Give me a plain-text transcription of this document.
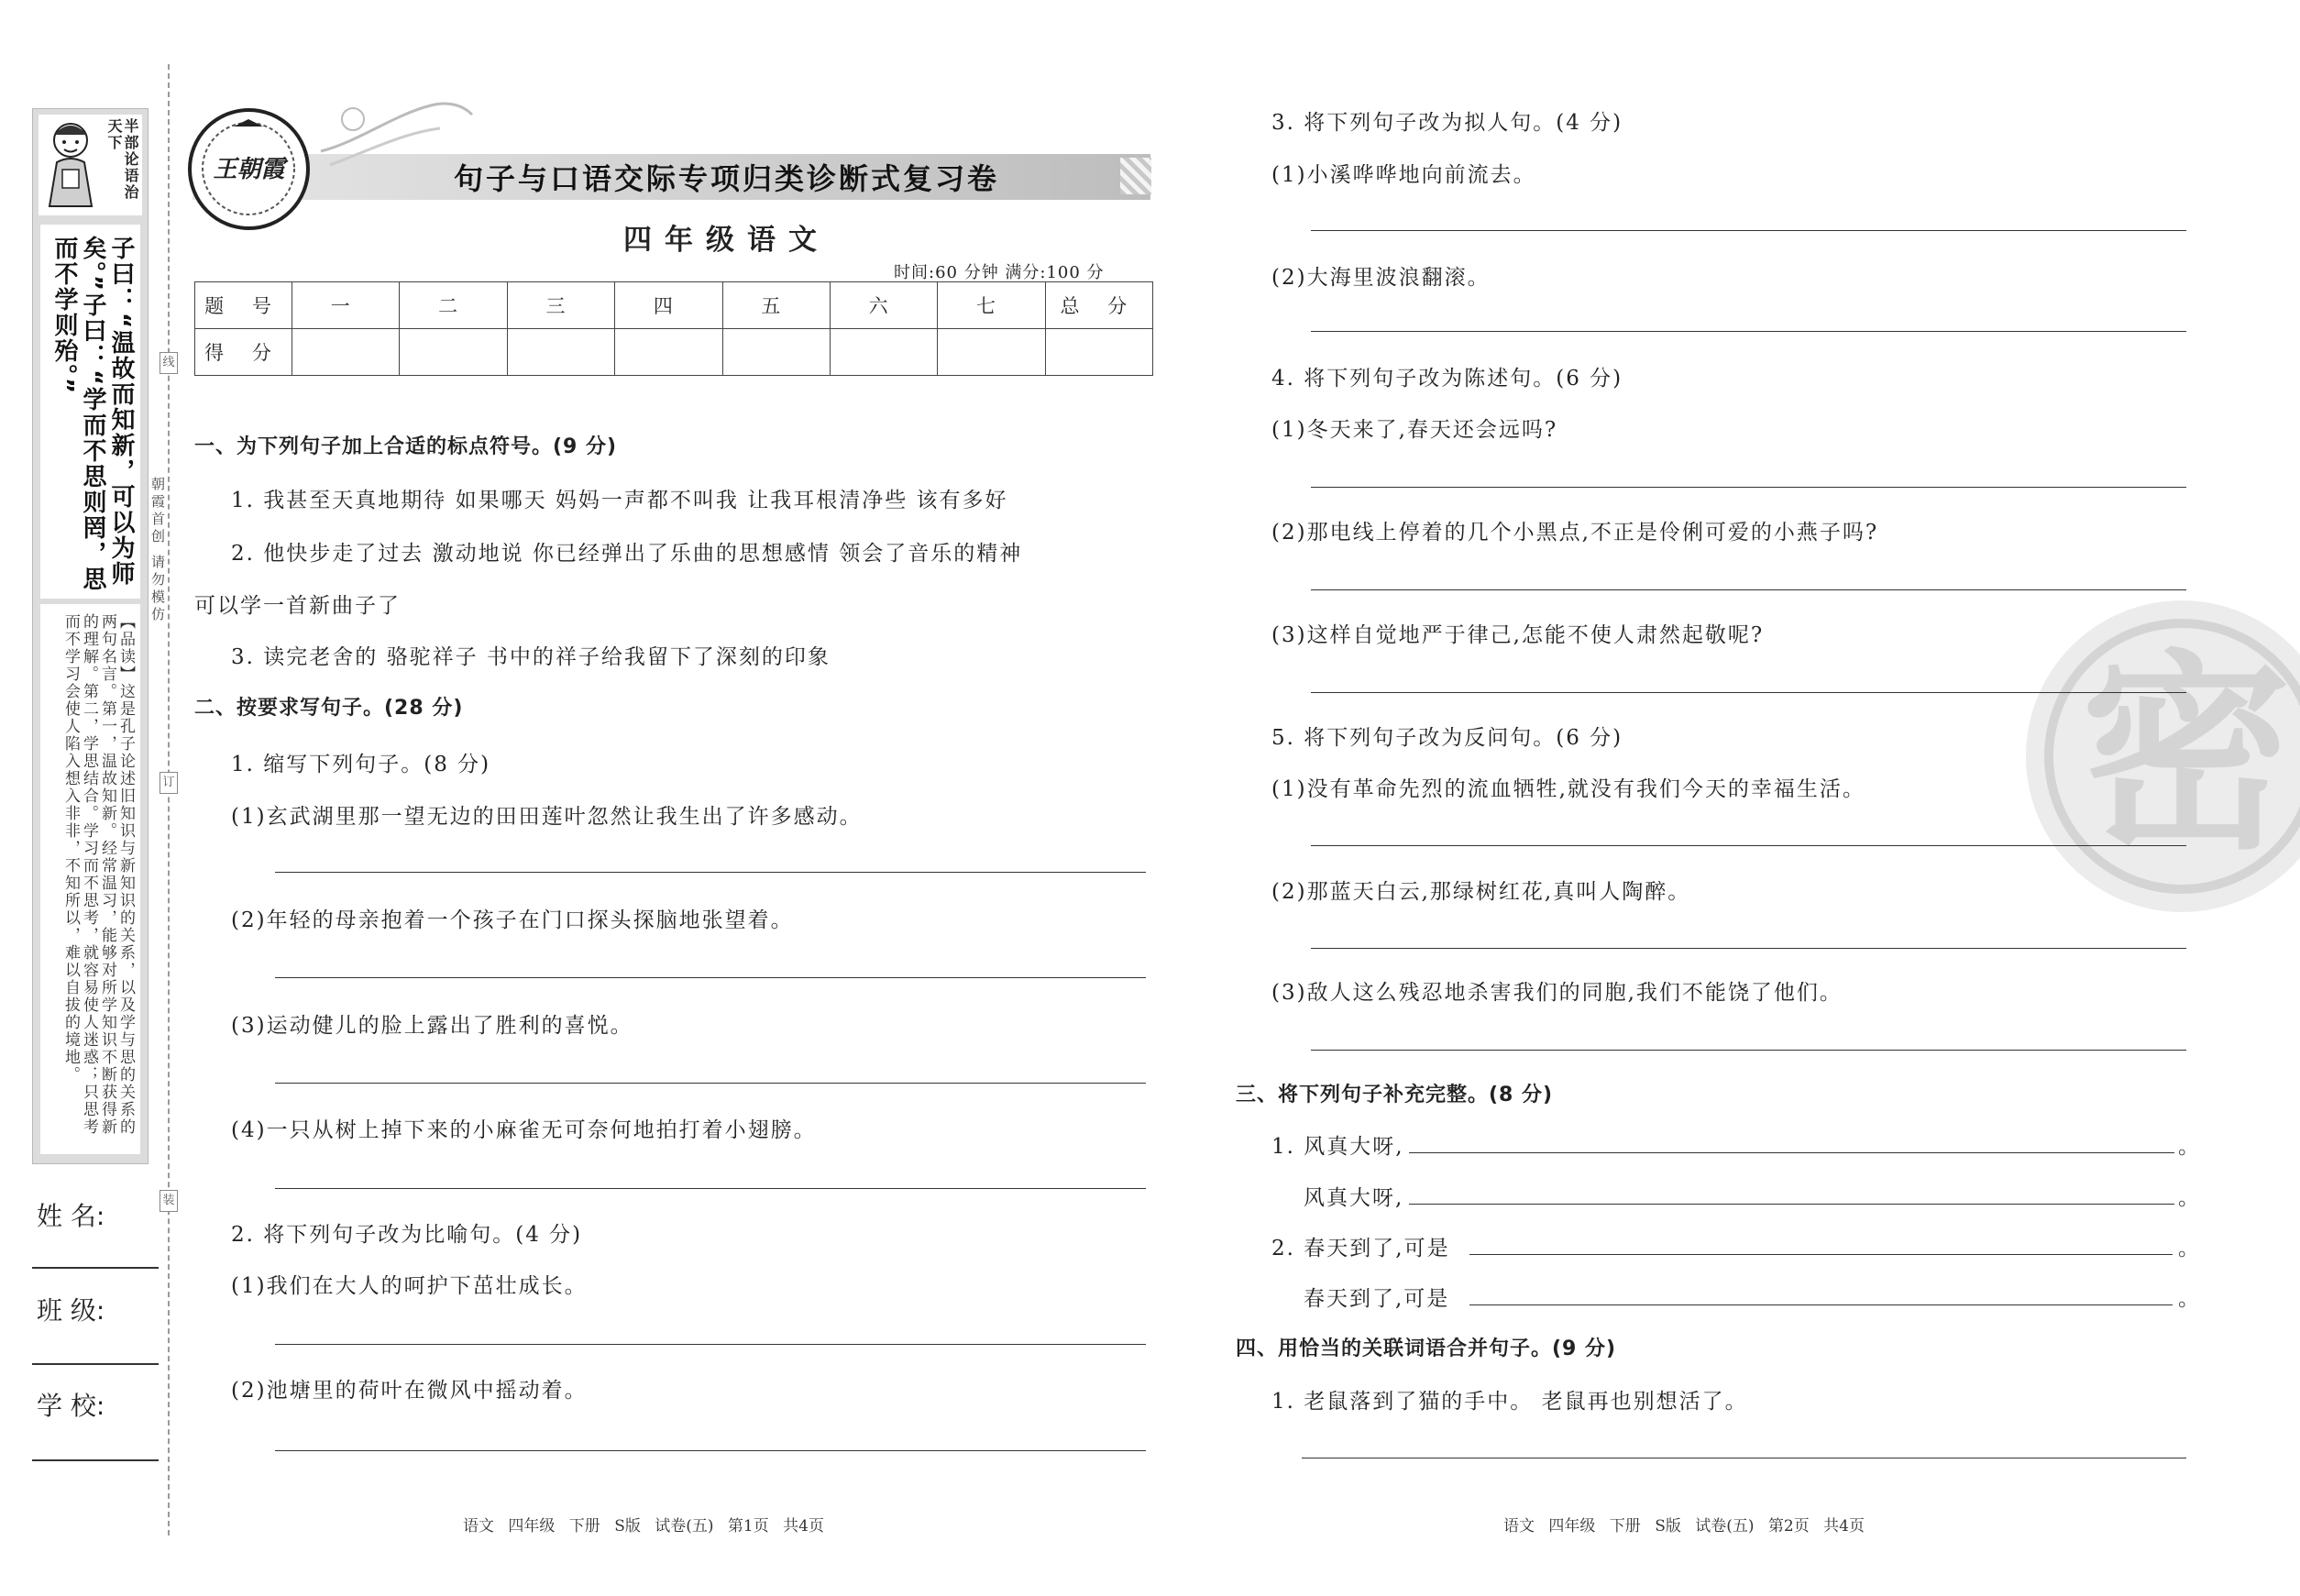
半部论语治天下
子曰：“温故而知新，可以为师矣。”子曰：“学而不思则罔，思而不学则殆。”
【品读】这是孔子论述旧知识与新知识的关系，以及学与思的关系的两句名言。第一，温故知新。经常温习，能够对所学知识不断获得新的理解。第二，学思结合。学习而不思考，就容易使人迷惑；只思考而不学习会使人陷入想入非非，不知所以，难以自拔的境地。
线
订
装
朝霞首创 请勿模仿
姓 名:
班 级:
学 校:
王朝霞	句子与口语交际专项归类诊断式复习卷
四年级语文
时间:60 分钟 满分:100 分
题 号	一	二	三	四	五	六	七	总 分
得 分								
一、为下列句子加上合适的标点符号。(9 分)
1. 我甚至天真地期待 如果哪天 妈妈一声都不叫我 让我耳根清净些 该有多好
2. 他快步走了过去 激动地说 你已经弹出了乐曲的思想感情 领会了音乐的精神
可以学一首新曲子了
3. 读完老舍的 骆驼祥子 书中的祥子给我留下了深刻的印象
二、按要求写句子。(28 分)
1. 缩写下列句子。(8 分)
(1)玄武湖里那一望无边的田田莲叶忽然让我生出了许多感动。
(2)年轻的母亲抱着一个孩子在门口探头探脑地张望着。
(3)运动健儿的脸上露出了胜利的喜悦。
(4)一只从树上掉下来的小麻雀无可奈何地拍打着小翅膀。
2. 将下列句子改为比喻句。(4 分)
(1)我们在大人的呵护下茁壮成长。
(2)池塘里的荷叶在微风中摇动着。
语文 四年级 下册 S版 试卷(五) 第1页 共4页
密
3. 将下列句子改为拟人句。(4 分)
(1)小溪哗哗地向前流去。
(2)大海里波浪翻滚。
4. 将下列句子改为陈述句。(6 分)
(1)冬天来了,春天还会远吗?
(2)那电线上停着的几个小黑点,不正是伶俐可爱的小燕子吗?
(3)这样自觉地严于律己,怎能不使人肃然起敬呢?
5. 将下列句子改为反问句。(6 分)
(1)没有革命先烈的流血牺牲,就没有我们今天的幸福生活。
(2)那蓝天白云,那绿树红花,真叫人陶醉。
(3)敌人这么残忍地杀害我们的同胞,我们不能饶了他们。
三、将下列句子补充完整。(8 分)
1. 风真大呀,	。
风真大呀,	。
2. 春天到了,可是	。
春天到了,可是	。
四、用恰当的关联词语合并句子。(9 分)
1. 老鼠落到了猫的手中。 老鼠再也别想活了。
语文 四年级 下册 S版 试卷(五) 第2页 共4页
